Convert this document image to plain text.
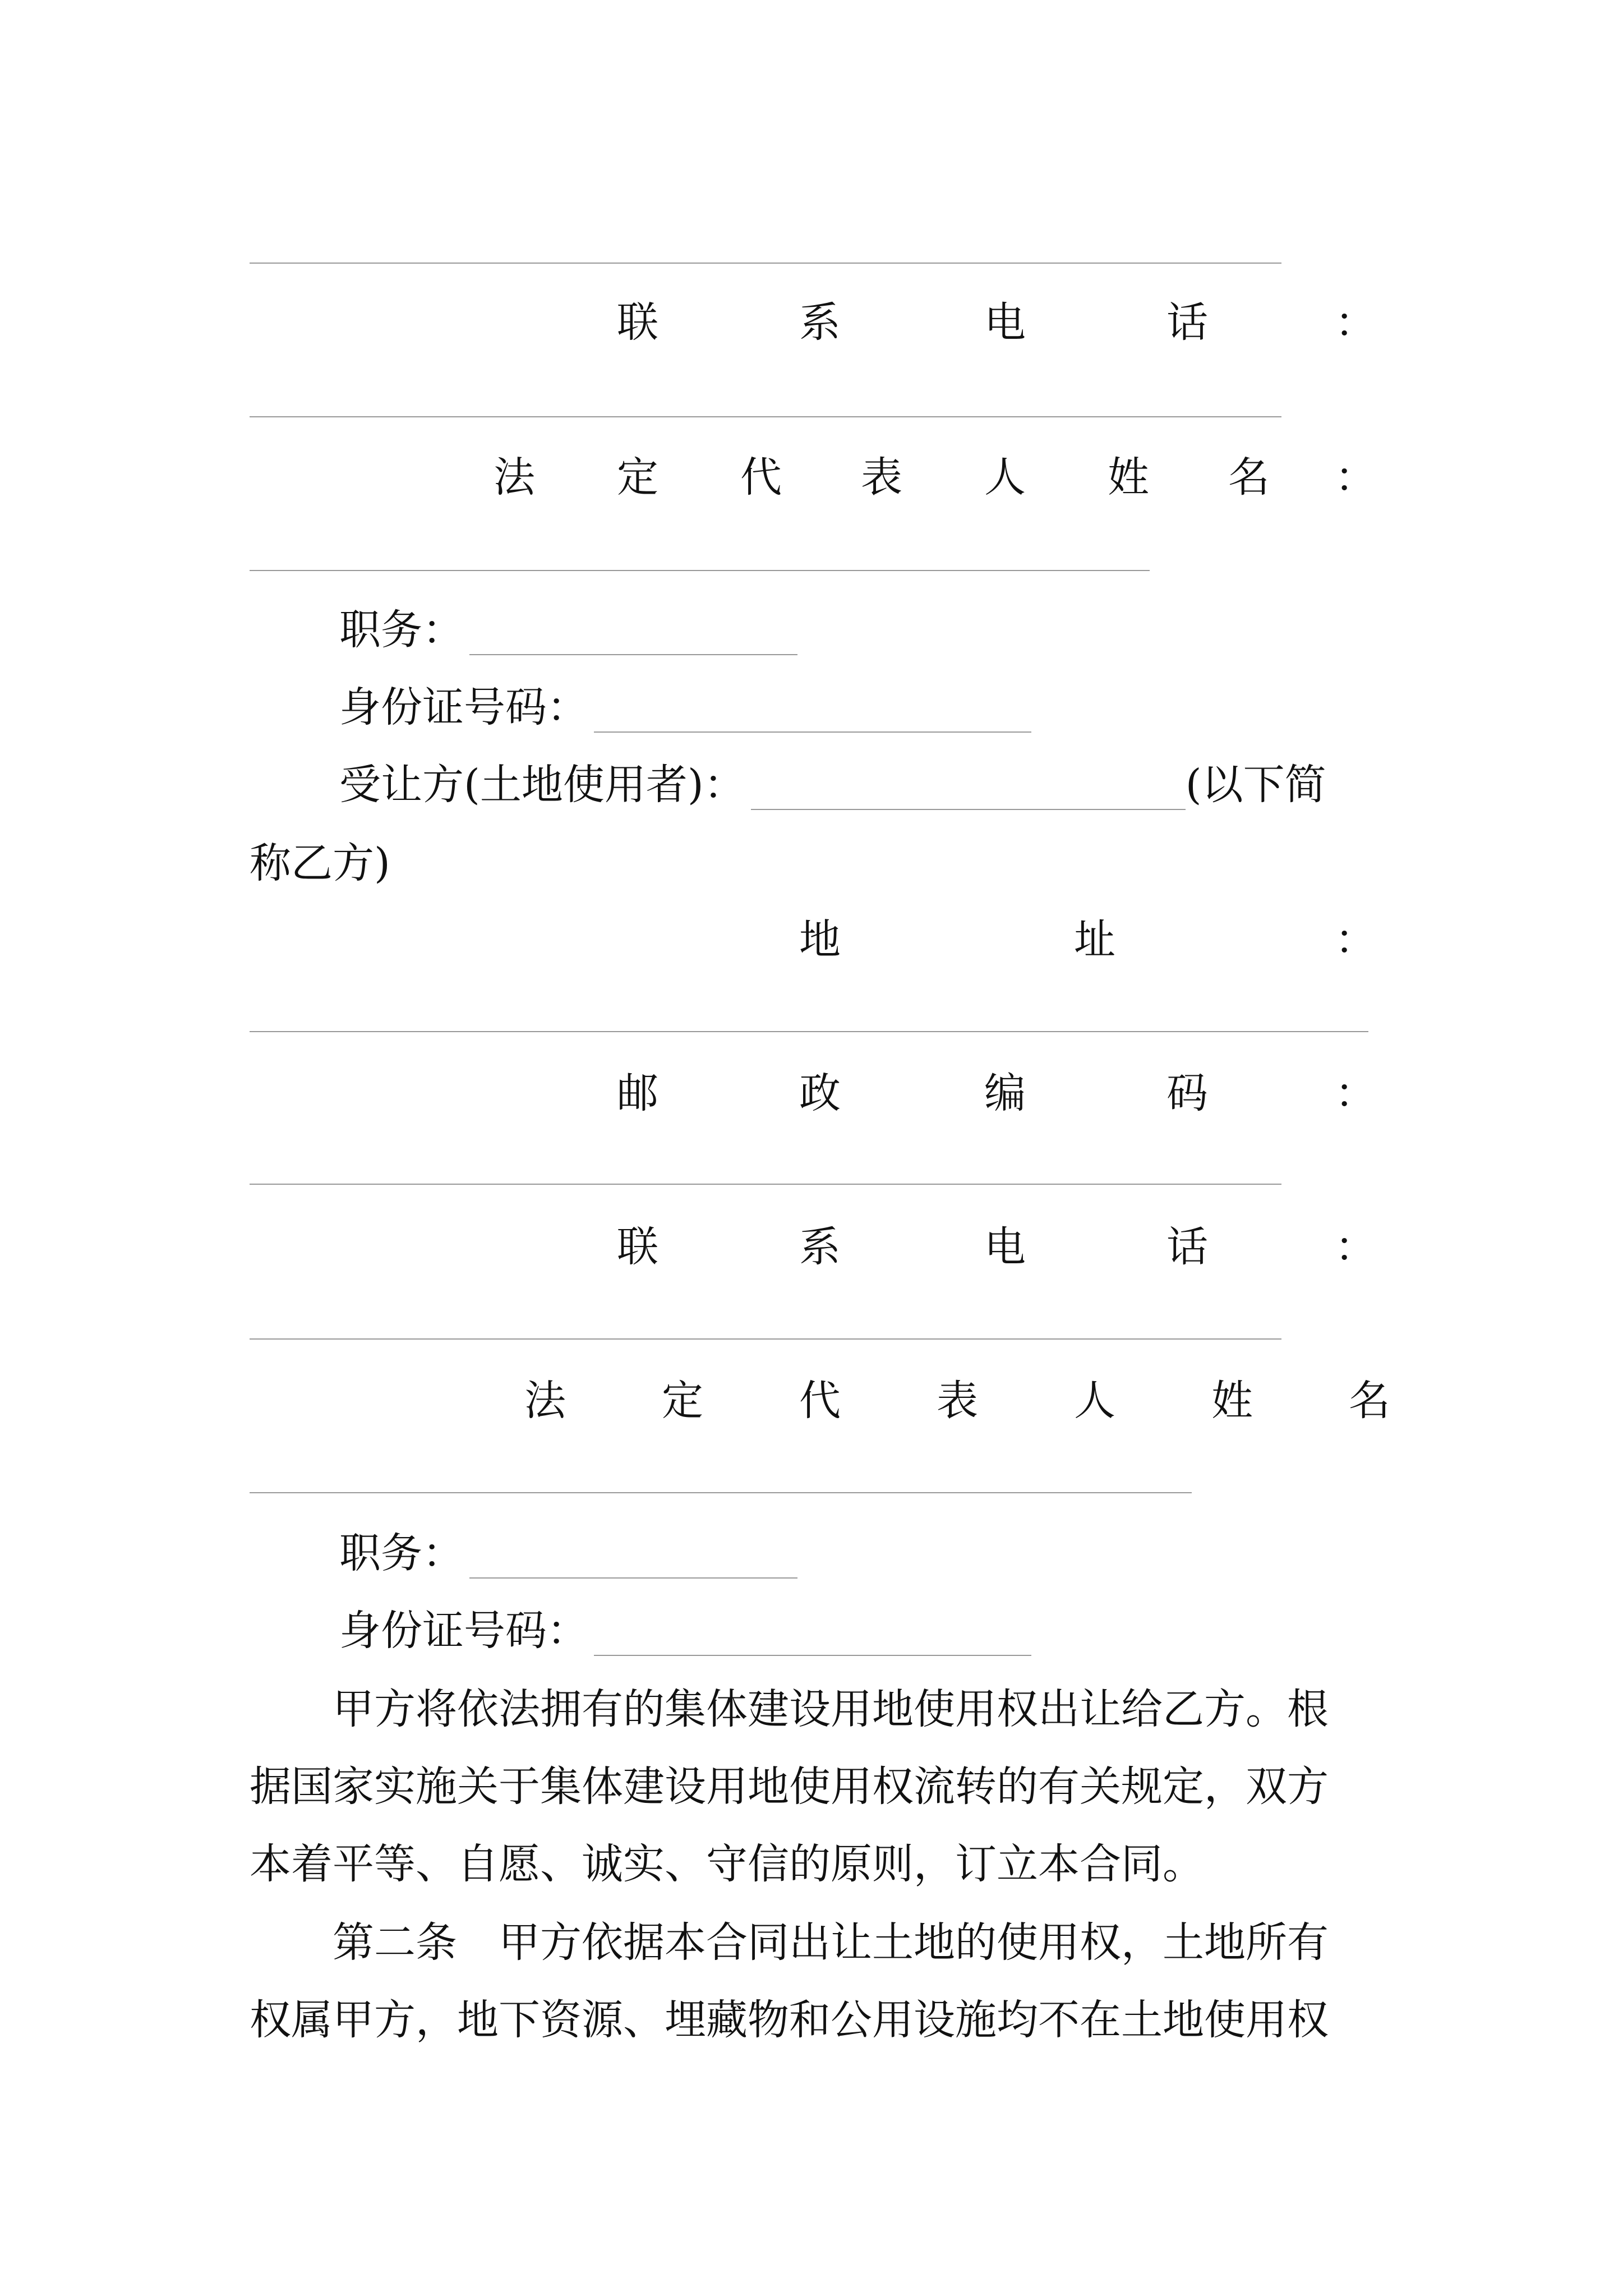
联	系	电	话	：
法 定 代 表 人 姓 名 ：
职务：
身份证号码：
受让方(土地使用者)：	(以下简
称乙方)
地	址	：
邮	政	编	码	：
联	系	电	话	：
法 定 代 表 人 姓 名
职务：
身份证号码：
　　甲方将依法拥有的集体建设用地使用权出让给乙方。根
据国家实施关于集体建设用地使用权流转的有关规定，双方
本着平等、自愿、诚实、守信的原则，订立本合同。
　　第二条　甲方依据本合同出让土地的使用权，土地所有
权属甲方，地下资源、埋藏物和公用设施均不在土地使用权
